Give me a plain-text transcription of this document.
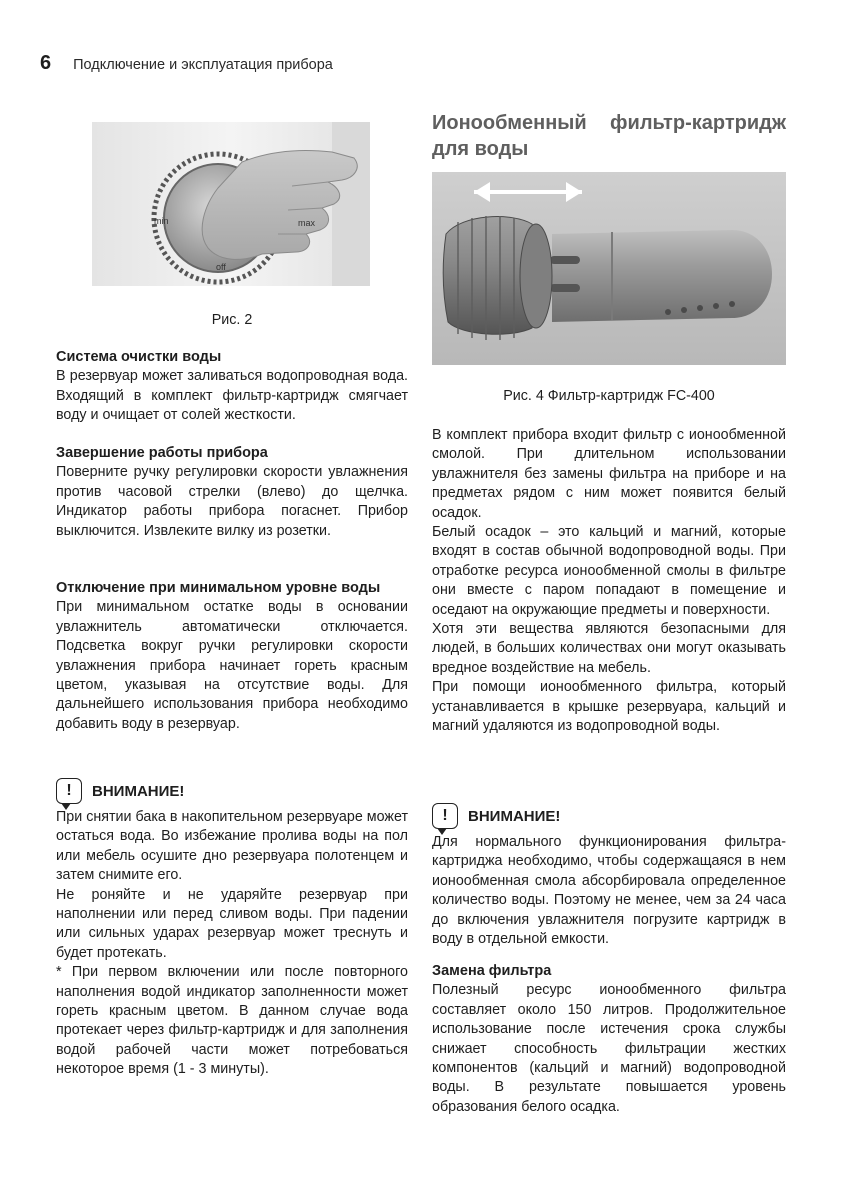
6 Подключение и эксплуатация прибора
min	max
off
Рис. 2

Система очистки воды

В резервуар может заливаться водопроводная вода. Входящий в комплект фильтр-картридж смягчает воду и очищает от солей жесткости.

Завершение работы прибора

Поверните ручку регулировки скорости увлажнения против часовой стрелки (влево) до щелчка. Индикатор работы прибора погаснет. Прибор выключится. Извлеките вилку из розетки.

Отключение при минимальном уровне воды

При минимальном остатке воды в основании увлажнитель автоматически отключается. Подсветка вокруг ручки регулировки скорости увлажнения прибора начинает гореть красным цветом, указывая на отсутствие воды. Для дальнейшего использования прибора необходимо добавить воду в резервуар.

!	ВНИМАНИЕ!

При снятии бака в накопительном резервуаре может остаться вода. Во избежание пролива воды на пол или мебель осушите дно резервуара полотенцем и затем снимите его.

Не роняйте и не ударяйте резервуар при наполнении или перед сливом воды. При падении или сильных ударах резервуар может треснуть и будет протекать.

* При первом включении или после повторного наполнения водой индикатор заполненности может гореть красным цветом. В данном случае вода протекает через фильтр-картридж и для заполнения водой рабочей части может потребоваться некоторое время (1 - 3 минуты).

Ионообменный фильтр-картридж

для воды

Рис. 4 Фильтр-картридж FC-400

В комплект прибора входит фильтр с ионообменной смолой. При длительном использовании увлажнителя без замены фильтра на приборе и на предметах рядом с ним может появится белый осадок.

Белый осадок – это кальций и магний, которые входят в состав обычной водопроводной воды. При отработке ресурса ионообменной смолы в фильтре они вместе с паром попадают в помещение и оседают на окружающие предметы и поверхности.

Хотя эти вещества являются безопасными для людей, в больших количествах они могут оказывать вредное воздействие на мебель.

При помощи ионообменного фильтра, который устанавливается в крышке резервуара, кальций и магний удаляются из водопроводной воды.

!	ВНИМАНИЕ!

Для нормального функционирования фильтра-картриджа необходимо, чтобы содержащаяся в нем ионообменная смола абсорбировала определенное количество воды. Поэтому не менее, чем за 24 часа до включения увлажнителя погрузите картридж в воду в отдельной емкости.

Замена фильтра

Полезный ресурс ионообменного фильтра составляет около 150 литров. Продолжительное использование после истечения срока службы снижает способность фильтрации жестких компонентов (кальций и магний) водопроводной воды. В результате повышается уровень образования белого осадка.
